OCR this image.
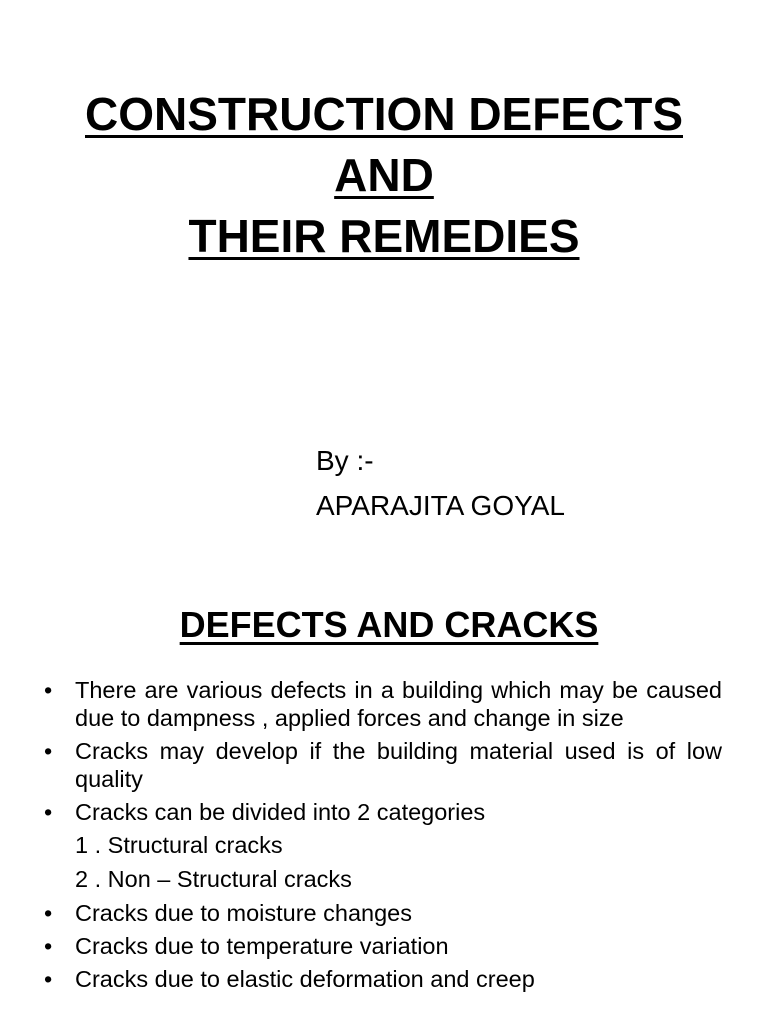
CONSTRUCTION DEFECTS
AND
THEIR REMEDIES
By :-
APARAJITA GOYAL
DEFECTS AND CRACKS
• There are various defects in a building which may be caused due to dampness , applied forces and change in size
• Cracks may develop if the building material used is of low quality
• Cracks can be divided into 2 categories
1 . Structural cracks
2 . Non – Structural cracks
• Cracks due to moisture changes
• Cracks due to temperature variation
• Cracks due to elastic deformation and creep
